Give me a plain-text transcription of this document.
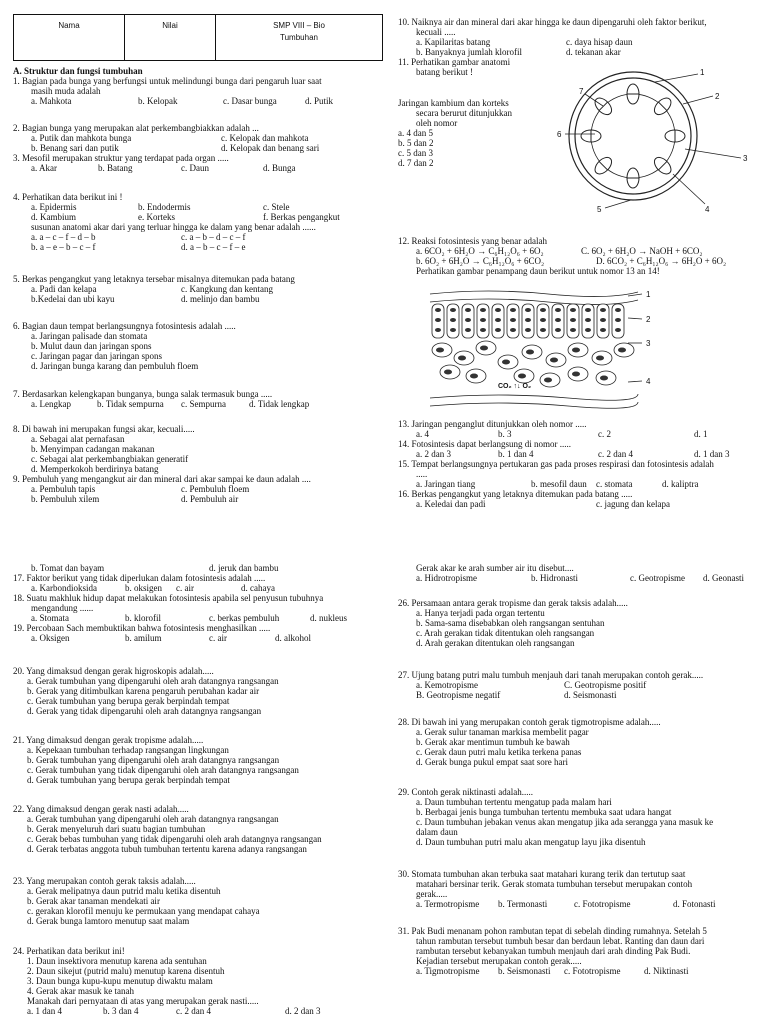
Nama	Nilai	SMP VIII – Bio
Tumbuhan
A. Struktur dan fungsi tumbuhan
1. Bagian pada bunga yang berfungsi untuk melindungi bunga dari pengaruh luar saat
masih muda adalah
a. Mahkota	b. Kelopak	c. Dasar bunga	d. Putik
2. Bagian bunga yang merupakan alat perkembangbiakkan adalah ...
a. Putik dan mahkota bunga	c. Kelopak dan mahkota
b. Benang sari dan putik	d. Kelopak dan benang sari
3. Mesofil merupakan struktur yang terdapat pada organ .....
a. Akar	b. Batang	c. Daun	d. Bunga
4. Perhatikan data berikut ini !
a. Epidermis	b. Endodermis	c. Stele
d. Kambium	e. Korteks	f. Berkas pengangkut
susunan anatomi akar dari yang terluar hingga ke dalam yang benar adalah ......
a. a – c – f – d – b	c. a – b – d – c – f
b. a – e – b – c – f	d. a – b – c – f – e
5. Berkas pengangkut yang letaknya tersebar misalnya ditemukan pada batang
a. Padi dan kelapa	c. Kangkung dan kentang
b.Kedelai dan ubi kayu	d. melinjo dan bambu
6. Bagian daun tempat berlangsungnya fotosintesis adalah .....
a. Jaringan palisade dan stomata
b. Mulut daun dan jaringan spons
c. Jaringan pagar dan jaringan spons
d. Jaringan bunga karang dan pembuluh floem
7. Berdasarkan kelengkapan bunganya, bunga salak termasuk bunga .....
a. Lengkap	b. Tidak sempurna c. Sempurna	d. Tidak lengkap
8. Di bawah ini merupakan fungsi akar, kecuali.....
a. Sebagai alat pernafasan
b. Menyimpan cadangan makanan
c. Sebagai alat perkembangbiakan generatif
d. Memperkokoh berdirinya batang
9. Pembuluh yang mengangkut air dan mineral dari akar sampai ke daun adalah ....
a. Pembuluh tapis	c. Pembuluh floem
b. Pembuluh xilem	d. Pembuluh air
b. Tomat dan bayam	d. jeruk dan bambu
17. Faktor berikut yang tidak diperlukan dalam fotosintesis adalah .....
a. Karbondioksida	b. oksigen c. air	d. cahaya
18. Suatu makhluk hidup dapat melakukan fotosintesis apabila sel penyusun tubuhnya
mengandung ......
a. Stomata	b. klorofil	c. berkas pembuluh	d. nukleus
19. Percobaan Sach membuktikan bahwa fotosintesis menghasilkan .....
a. Oksigen	b. amilum	c. air	d. alkohol
20. Yang dimaksud dengan gerak higroskopis adalah.....
a. Gerak tumbuhan yang dipengaruhi oleh arah datangnya rangsangan
b. Gerak yang ditimbulkan karena pengaruh perubahan kadar air
c. Gerak tumbuhan yang berupa gerak berpindah tempat
d. Gerak yang tidak dipengaruhi oleh arah datangnya rangsangan
21. Yang dimaksud dengan gerak tropisme adalah.....
a. Kepekaan tumbuhan terhadap rangsangan lingkungan
b. Gerak tumbuhan yang dipengaruhi oleh arah datangnya rangsangan
c. Gerak tumbuhan yang tidak dipengaruhi oleh arah datangnya rangsangan
d. Gerak tumbuhan yang berupa gerak berpindah tempat
22. Yang dimaksud dengan gerak nasti adalah.....
a. Gerak tumbuhan yang dipengaruhi oleh arah datangnya rangsangan
b. Gerak menyeluruh dari suatu bagian tumbuhan
c. Gerak bebas tumbuhan yang tidak dipengaruhi oleh arah datangnya rangsangan
d. Gerak terbatas anggota tubuh tumbuhan tertentu karena adanya rangsangan
23. Yang merupakan contoh gerak taksis adalah.....
a. Gerak melipatnya daun putrid malu ketika disentuh
b. Gerak akar tanaman mendekati air
c. gerakan klorofil menuju ke permukaan yang mendapat cahaya
d. Gerak bunga lamtoro menutup saat malam
24. Perhatikan data berikut ini!
1. Daun insektivora menutup karena ada sentuhan
2. Daun sikejut (putrid malu) menutup karena disentuh
3. Daun bunga kupu-kupu menutup diwaktu malam
4. Gerak akar masuk ke tanah
Manakah dari pernyataan di atas yang merupakan gerak nasti.....
a. 1 dan 4	b. 3 dan 4	c. 2 dan 4	d. 2 dan 3
10. Naiknya air dan mineral dari akar hingga ke daun dipengaruhi oleh faktor berikut,
kecuali .....
a. Kapilaritas batang	c. daya hisap daun
b. Banyaknya jumlah klorofil	d. tekanan akar
11. Perhatikan gambar anatomi
batang berikut !
Jaringan kambium dan korteks
secara berurut ditunjukkan
oleh nomor
a. 4 dan 5
b. 5 dan 2
c. 5 dan 3
d. 7 dan 2
1
2
3
4
5
6
7
12. Reaksi fotosintesis yang benar adalah
a. 6CO₂ + 6H₂O → C₆H₁₂O₆ + 6O₂	C. 6O₂ + 6H₂O → NaOH + 6CO₂
b. 6O₂ + 6H₂O → C₆H₁₂O₆ + 6CO₂	D. 6CO₂ + C₆H₁₂O₆ → 6H₂O + 6O₂
Perhatikan gambar penampang daun berikut untuk nomor 13 an 14!
1
2
3
4
CO₂ ↑↓ O₂
13. Jaringan penganglut ditunjukkan oleh nomor .....
a. 4	b. 3	c. 2	d. 1
14. Fotosintesis dapat berlangsung di nomor .....
a. 2 dan 3	b. 1 dan 4	c. 2 dan 4	d. 1 dan 3
15. Tempat berlangsungnya pertukaran gas pada proses respirasi dan fotosintesis adalah
.....
a. Jaringan tiang	b. mesofil daun c. stomata	d. kaliptra
16. Berkas pengangkut yang letaknya ditemukan pada batang .....
a. Keledai dan padi	c. jagung dan kelapa
Gerak akar ke arah sumber air itu disebut....
a. Hidrotropisme	b. Hidronasti	c. Geotropisme d. Geonasti
26. Persamaan antara gerak tropisme dan gerak taksis adalah.....
a. Hanya terjadi pada organ tertentu
b. Sama-sama disebabkan oleh rangsangan sentuhan
c. Arah gerakan tidak ditentukan oleh rangsangan
d. Arah gerakan ditentukan oleh rangsangan
27. Ujung batang putri malu tumbuh menjauh dari tanah merupakan contoh gerak.....
a. Kemotropisme	C. Geotropisme positif
B. Geotropisme negatif	d. Seismonasti
28. Di bawah ini yang merupakan contoh gerak tigmotropisme adalah.....
a. Gerak sulur tanaman markisa membelit pagar
b. Gerak akar mentimun tumbuh ke bawah
c. Gerak daun putri malu ketika terkena panas
d. Gerak bunga pukul empat saat sore hari
29. Contoh gerak niktinasti adalah.....
a. Daun tumbuhan tertentu mengatup pada malam hari
b. Berbagai jenis bunga tumbuhan tertentu membuka saat udara hangat
c. Daun tumbuhan jebakan venus akan mengatup jika ada serangga yana masuk ke
dalam daun
d. Daun tumbuhan putri malu akan mengatup layu jika disentuh
30. Stomata tumbuhan akan terbuka saat matahari kurang terik dan tertutup saat
matahari bersinar terik. Gerak stomata tumbuhan tersebut merupakan contoh
gerak.....
a. Termotropisme b. Termonasti	c. Fototropisme	d. Fotonasti
31. Pak Budi menanam pohon rambutan tepat di sebelah dinding rumahnya. Setelah 5
tahun rambutan tersebut tumbuh besar dan berdaun lebat. Ranting dan daun dari
rambutan tersebut kebanyakan tumbuh menjauh dari arah dinding Pak Budi.
Kejadian tersebut merupakan contoh gerak.....
a. Tigmotropisme b. Seismonasti c. Fototropisme	d. Niktinasti
